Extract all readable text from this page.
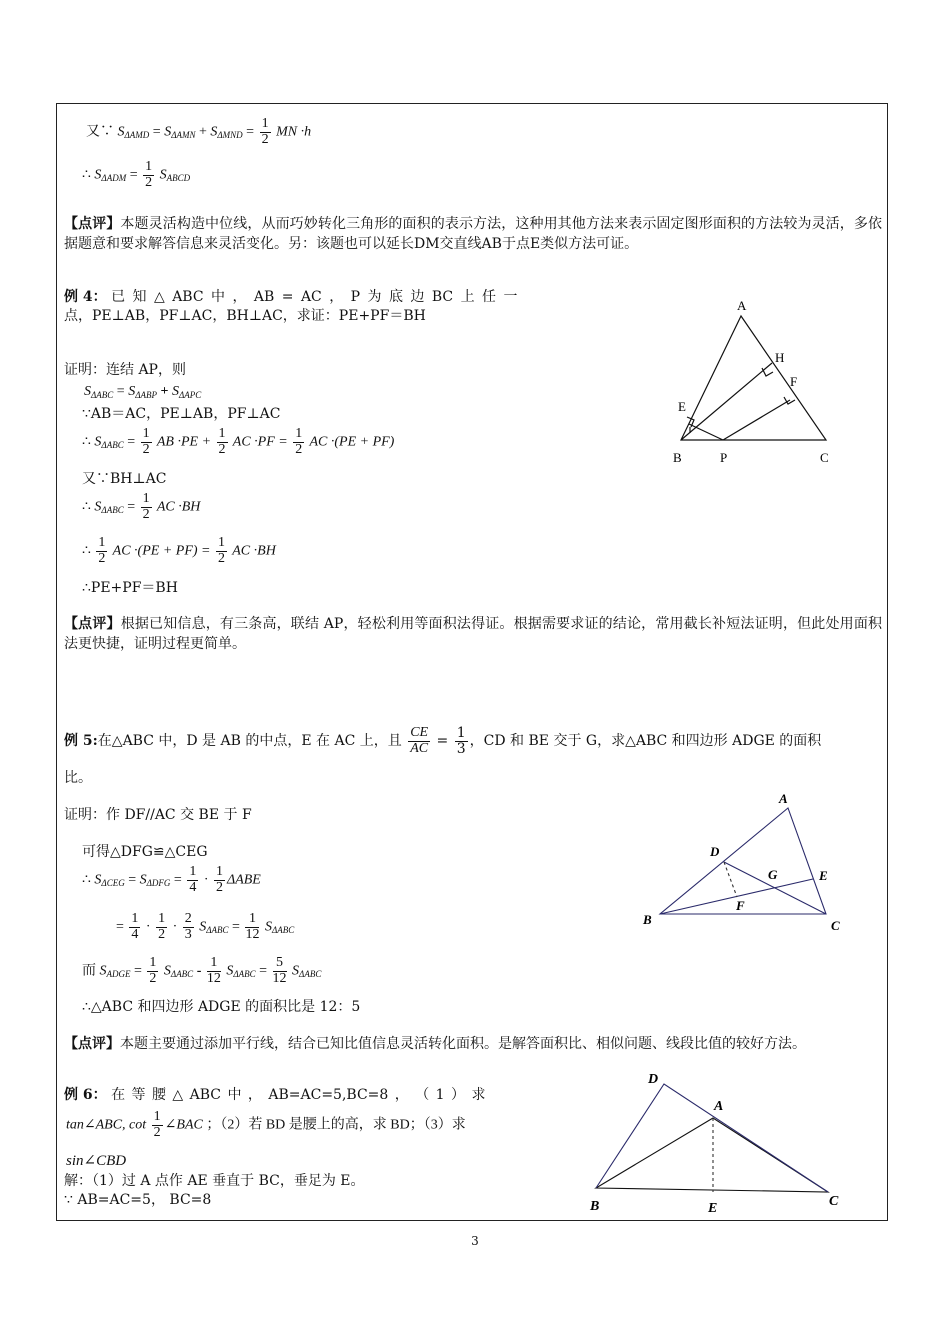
又∵ $S_{\Delta AMD} = S_{\Delta AMN} + S_{\Delta MND} = \frac{1}{2}$ MN ·h
∴ $S_{\Delta ADM} = \frac{1}{2} S_{ABCD}$
【点评】本题灵活构造中位线，从而巧妙转化三角形的面积的表示方法，这种用其他方法来表示固定图形面积的方法较为灵活，多依据题意和要求解答信息来灵活变化。另：该题也可以延长DM交直线AB于点E类似方法可证。
例 4： 已 知 △ ABC 中 ， AB = AC ， P 为 底 边 BC 上 任 一
点，PE⊥AB，PF⊥AC，BH⊥AC，求证：PE+PF＝BH
证明：连结 AP，则
$S_{\Delta ABC} = S_{\Delta ABP} + S_{\Delta APC}$
∵AB＝AC，PE⊥AB，PF⊥AC
∴ $S_{\Delta ABC} = \frac{1}{2}$ AB $\cdot PE + \frac{1}{2}$ AC $\cdot PF = \frac{1}{2}$ AC ·(PE + PF)
又∵BH⊥AC
∴ $S_{\Delta ABC} = \frac{1}{2}$ AC ·BH
∴ $\frac{1}{2}$ AC $\cdot(PE + PF) = \frac{1}{2}$ AC ·BH
∴PE+PF＝BH
A
H
F
E
B	P	C
【点评】根据已知信息，有三条高，联结 AP，轻松利用等面积法得证。根据需要求证的结论，常用截长补短法证明，但此处用面积法更快捷，证明过程更简单。
例 5:在△ABC 中，D 是 AB 的中点，E 在 AC 上，且 $\frac{CE}{AC} = \frac{1}{3}$ ，CD 和 BE 交于 G，求△ABC 和四边形 ADGE 的面积
比。
证明：作 DF//AC 交 BE 于 F
可得△DFG≌△CEG
∴ $S_{\Delta CEG} = S_{\Delta DFG} = \frac{1}{4} \cdot \frac{1}{2}$ ΔABE
= $\frac{1}{4} \cdot \frac{1}{2} \cdot \frac{2}{3} S_{\Delta ABC} = \frac{1}{12} S_{\Delta ABC}$
而 $S_{ADGE} = \frac{1}{2} S_{\Delta ABC} - \frac{1}{12} S_{\Delta ABC} = \frac{5}{12} S_{\Delta ABC}$
∴△ABC 和四边形 ADGE 的面积比是 12：5
A
D
G	E
F
B	C
【点评】本题主要通过添加平行线，结合已知比值信息灵活转化面积。是解答面积比、相似问题、线段比值的较好方法。
例 6： 在 等 腰 △ ABC 中 ， AB=AC=5,BC=8 ， （ 1 ） 求
tan∠ABC, $\cot \frac{1}{2}$ ∠BAC ；（2）若 BD 是腰上的高，求 BD；（3）求
sin∠CBD
解：（1）过 A 点作 AE 垂直于 BC，垂足为 E。
∵ AB=AC=5， BC=8
D
A
B	E	C
3
